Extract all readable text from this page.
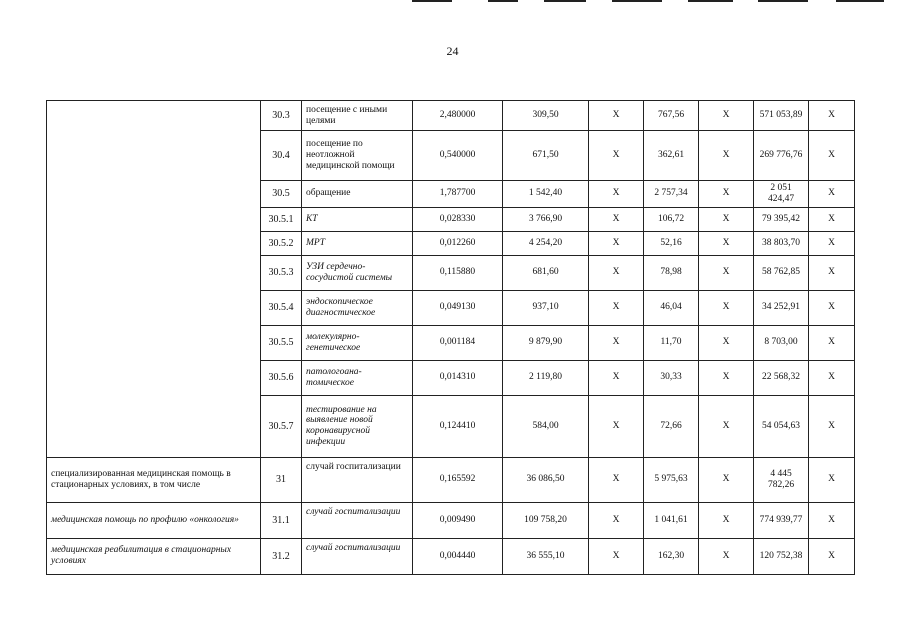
24
	30.3	посещение с иными целями	2,480000	309,50	X	767,56	X	571 053,89	X
	30.4	посещение по неотложной медицинской помощи	0,540000	671,50	X	362,61	X	269 776,76	X
	30.5	обращение	1,787700	1 542,40	X	2 757,34	X	2 051 424,47	X
	30.5.1	КТ	0,028330	3 766,90	X	106,72	X	79 395,42	X
	30.5.2	МРТ	0,012260	4 254,20	X	52,16	X	38 803,70	X
	30.5.3	УЗИ сердечно-сосудистой системы	0,115880	681,60	X	78,98	X	58 762,85	X
	30.5.4	эндоскопическое диагностическое	0,049130	937,10	X	46,04	X	34 252,91	X
	30.5.5	молекулярно-генетическое	0,001184	9 879,90	X	11,70	X	8 703,00	X
	30.5.6	патологоана-томическое	0,014310	2 119,80	X	30,33	X	22 568,32	X
	30.5.7	тестирование на выявление новой коронавирусной инфекции	0,124410	584,00	X	72,66	X	54 054,63	X
специализированная медицинская помощь в стационарных условиях, в том числе	31	случай госпитализации	0,165592	36 086,50	X	5 975,63	X	4 445 782,26	X
медицинская помощь по профилю «онкология»	31.1	случай госпитализации	0,009490	109 758,20	X	1 041,61	X	774 939,77	X
медицинская реабилитация в стационарных условиях	31.2	случай госпитализации	0,004440	36 555,10	X	162,30	X	120 752,38	X
